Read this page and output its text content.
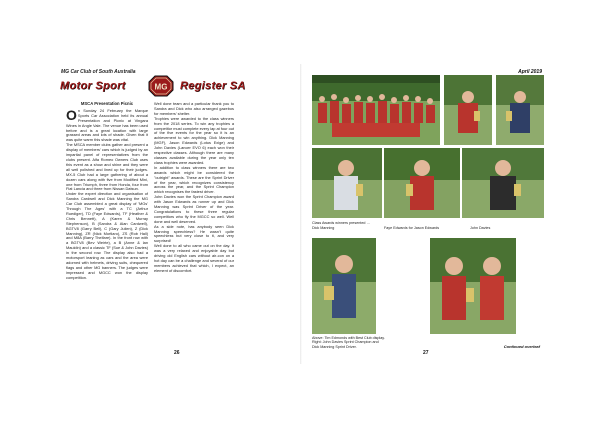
MG Car Club of South Australia
Motor Sport	MG Register SA
MSCA Presentation Picnic
O n Sunday 24 February the Marque Sports Car Association held its annual Presentation and Picnic at Vingara Wines in Angle Vale. The venue has been used before and is a great location with large grassed areas and lots of shade. Given that it was quite warm this shade was vital.

The MSCA member clubs gather and present a display of members' cars which is judged by an impartial panel of representatives from the clubs present. Alfa Romeo Owners Club uses this event as a show and shine and they were all well polished and lined up for their judges. MX-5 Club had a large gathering of about a dozen cars along with five from Modified Mini, one from Triumph, three from Honda, four from Fiat Lancia and three from Nissan Datsun.

Under the expert direction and organisation of Sandra Cardwell and Dick Manning the MG Car Club assembled a great display of 'MGs' Through The Ages' with a TC (Arthur Ruediger), TD (Faye Edwards), TF (Heather & Chris Bennett), A (Karen & Murray Stephenson), B (Sandra & Alan Cardwell), BGTV8 (Garry Bell), C (Gary Julien), Z (Dick Manning), ZR (Nick Mortlaro), ZS (Rob Hall) and M8A (Barry Thelfare). In the front row with a BGTV8 (Bev Weirte), a B (Anne & Ian Mauldin) and a classic TF (Sue & John Davies) in the second row. The display also had a motorsport leaning as cars and the area were adorned with helmets, driving suits, chequered flags and other MG banners. The judges were impressed and MGCC won the display competition.

Well done team and a particular thank you to Sandra and Dick who also arranged gazebos for members' shelter.

Trophies were awarded to the class winners from the 2018 series. To win any trophies a competitor must complete every lap at four out of the five events for the year so it is an achievement to win anything. Dick Manning (MGF), Jason Edwards (Lotus Exige) and John Davies (Lancer EVO 6) each won their respective classes. Although there are many classes available during the year only ten class trophies were awarded.

In addition to class winners there are two awards which might be considered the "outright" awards. These are the Sprint Driver of the year, which recognizes consistency across the year, and the Sprint Champion which recognises the fastest driver.

John Davies won the Sprint Champion award with Jason Edwards as runner up and Dick Manning was Sprint Driver of the year. Congratulations to these three regular competitors who fly the MGCC so well. Well done and well deserved.

As a side note, has anybody seen Dick Manning speechless? He wasn't quite speechless but very close to it, and very surprised!

Well done to all who came out on the day. It was a very relaxed and enjoyable day but driving old English cars without air-con on a hot day can be a challenge and several of our members achieved that which, I expect, an element of discomfort.

26
April 2019
Class Awards winners presented …
Dick Manning	Faye Edwards for Jason Edwards	John Davies
Above: Tim Edmonds with Best Club display.
Right: John Davies Sprint Champion and
Dick Manning Sprint Driver.	Continued overleaf
27
